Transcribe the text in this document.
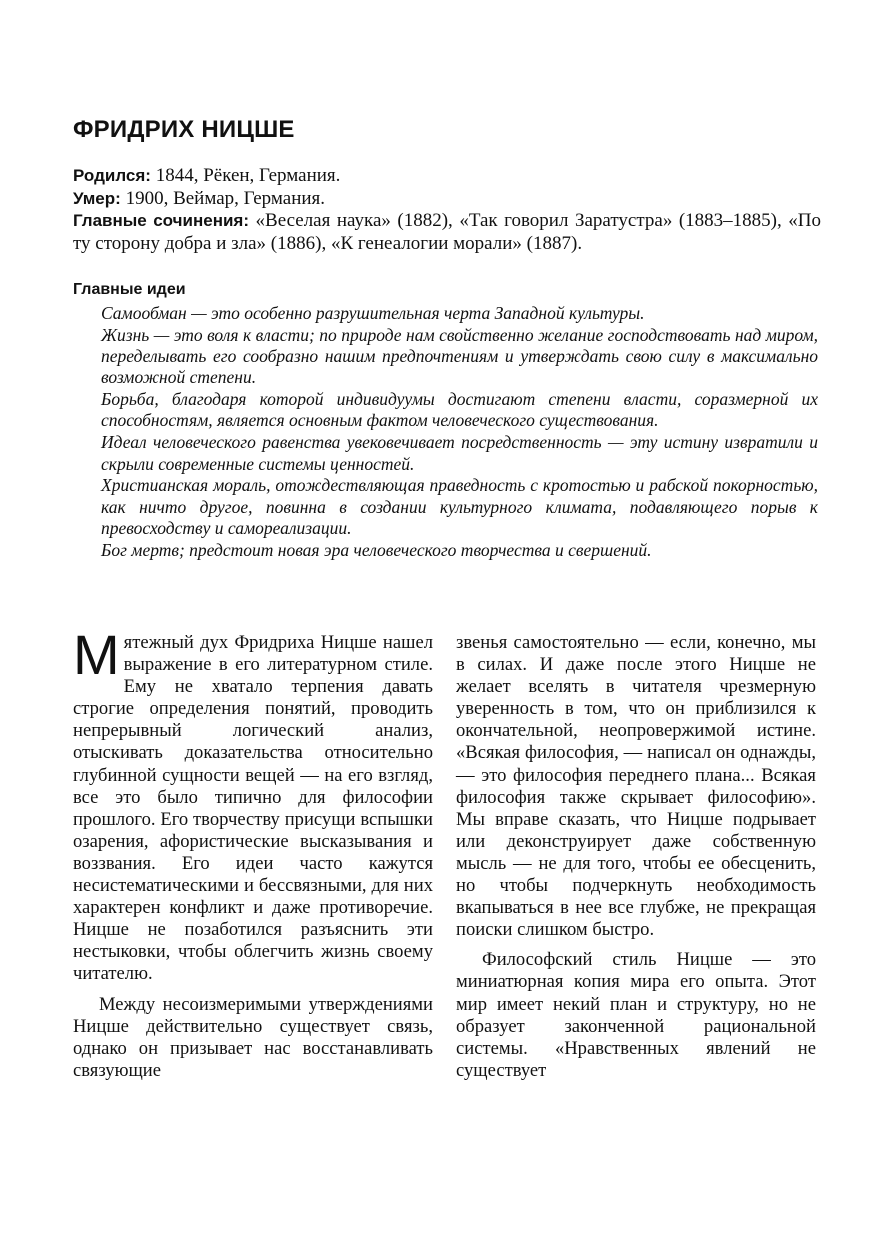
ФРИДРИХ НИЦШЕ

Родился: 1844, Рёкен, Германия.

Умер: 1900, Веймар, Германия.

Главные сочинения: «Веселая наука» (1882), «Так говорил Заратустра» (1883–1885), «По ту сторону добра и зла» (1886), «К генеалогии морали» (1887).

Главные идеи
Самообман — это особенно разрушительная черта Западной культуры.
Жизнь — это воля к власти; по природе нам свойственно желание господствовать над миром, переделывать его сообразно нашим предпочтениям и утверждать свою силу в максимально возможной степени.
Борьба, благодаря которой индивидуумы достигают степени власти, соразмерной их способностям, является основным фактом человеческого существования.
Идеал человеческого равенства увековечивает посредственность — эту истину извратили и скрыли современные системы ценностей.
Христианская мораль, отождествляющая праведность с кротостью и рабской покорностью, как ничто другое, повинна в создании культурного климата, подавляющего порыв к превосходству и самореализации.
Бог мертв; предстоит новая эра человеческого творчества и свершений.

Мятежный дух Фридриха Ницше нашел выражение в его литературном стиле. Ему не хватало терпения давать строгие определения понятий, проводить непрерывный логический анализ, отыскивать доказательства относительно глубинной сущности вещей — на его взгляд, все это было типично для философии прошлого. Его творчеству присущи вспышки озарения, афористические высказывания и воззвания. Его идеи часто кажутся несистематическими и бессвязными, для них характерен конфликт и даже противоречие. Ницше не позаботился разъяснить эти нестыковки, чтобы облегчить жизнь своему читателю.

Между несоизмеримыми утверждениями Ницше действительно существует связь, однако он призывает нас восстанавливать связующие

звенья самостоятельно — если, конечно, мы в силах. И даже после этого Ницше не желает вселять в читателя чрезмерную уверенность в том, что он приблизился к окончательной, неопровержимой истине. «Всякая философия, — написал он однажды, — это философия переднего плана... Всякая философия также скрывает философию». Мы вправе сказать, что Ницше подрывает или деконструирует даже собственную мысль — не для того, чтобы ее обесценить, но чтобы подчеркнуть необходимость вкапываться в нее все глубже, не прекращая поиски слишком быстро.

Философский стиль Ницше — это миниатюрная копия мира его опыта. Этот мир имеет некий план и структуру, но не образует законченной рациональной системы. «Нравственных явлений не существует
